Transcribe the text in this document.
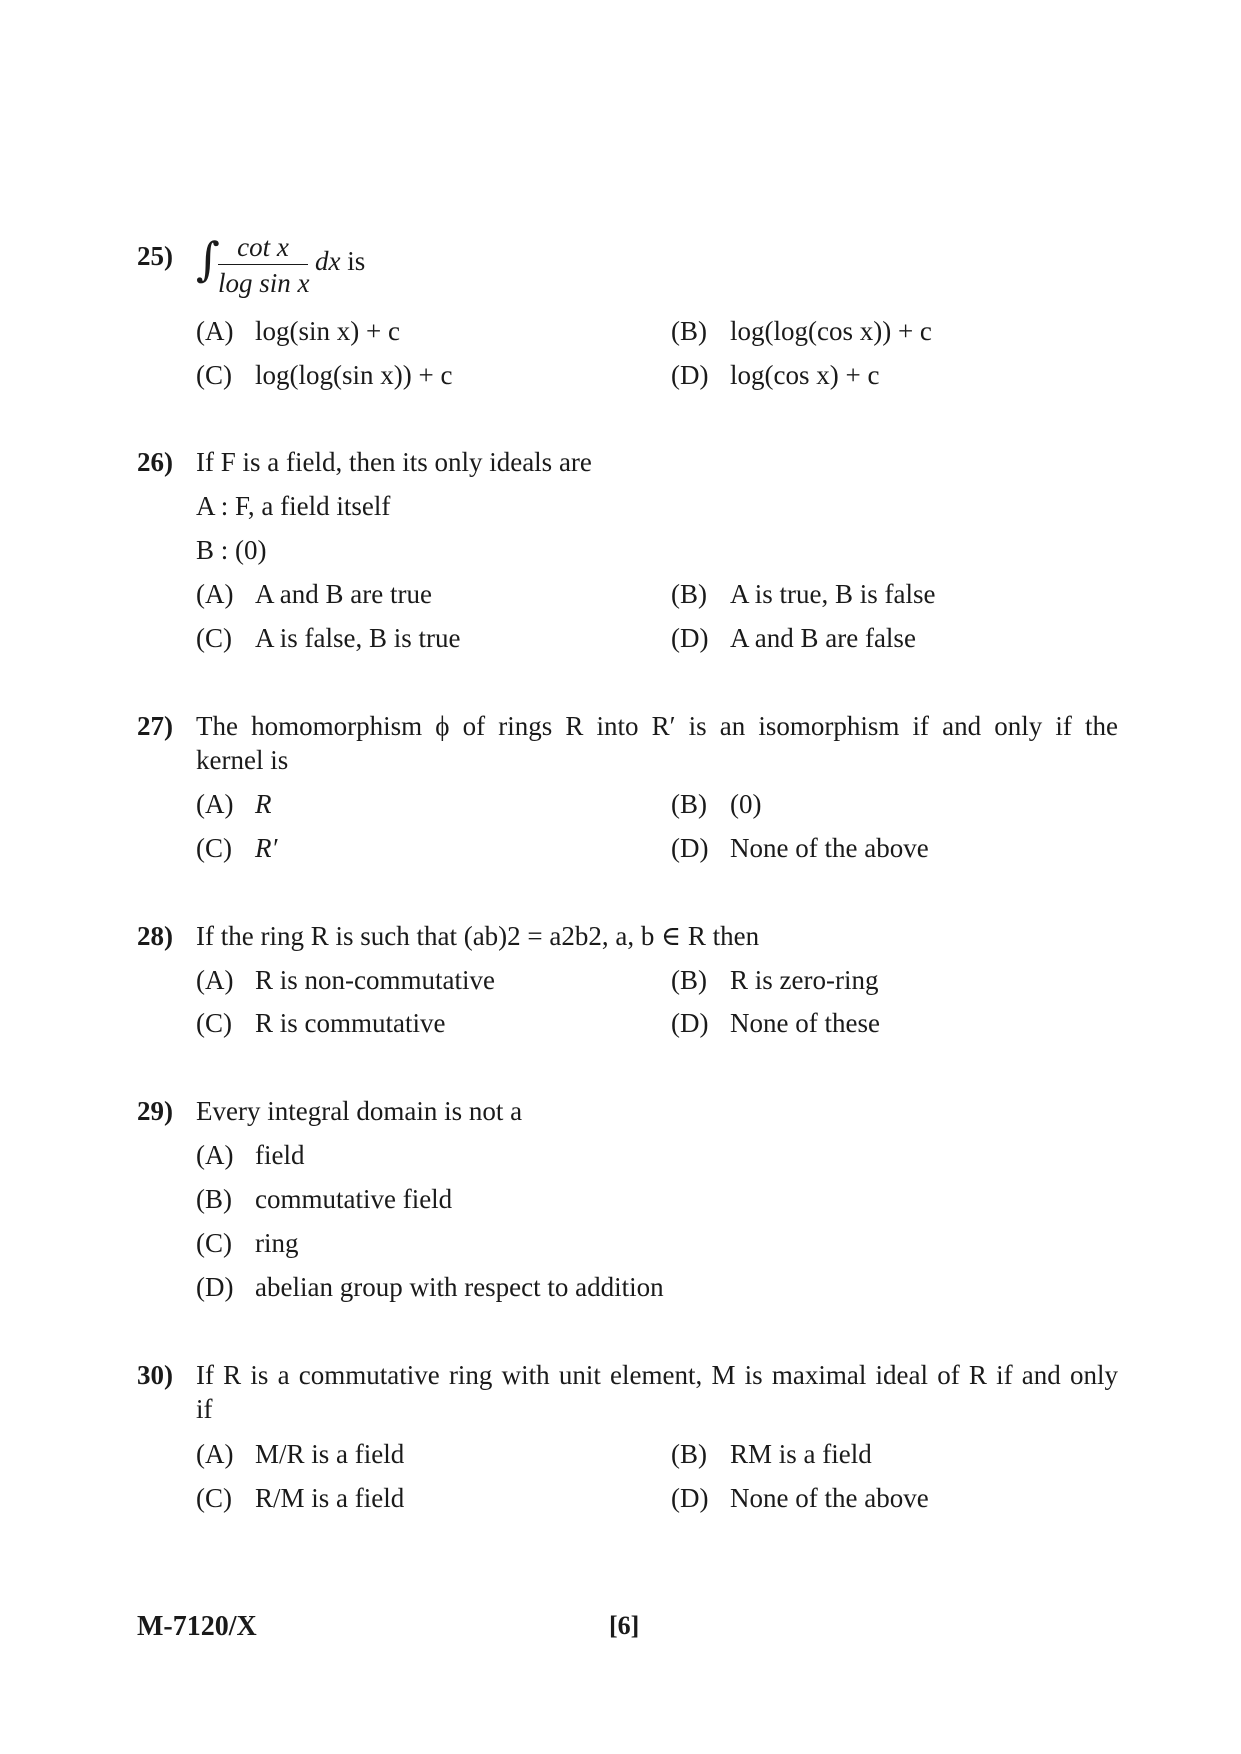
25) ∫ cot x
log sin x
dx is
(A) log(sin x) + c	(B) log(log(cos x)) + c
(C) log(log(sin x)) + c	(D) log(cos x) + c
26) If F is a field, then its only ideals are
A : F, a field itself
B : (0)
(A) A and B are true	(B) A is true, B is false
(C) A is false, B is true	(D) A and B are false
27) The homomorphism ϕ of rings R into R′ is an isomorphism if and only if the
kernel is
(A) R	(B) (0)
(C) R′	(D) None of the above
28) If the ring R is such that (ab)2 = a2b2, a, b ∈ R then
(A) R is non-commutative	(B) R is zero-ring
(C) R is commutative	(D) None of these
29) Every integral domain is not a
(A) field
(B) commutative field
(C) ring
(D) abelian group with respect to addition
30) If R is a commutative ring with unit element, M is maximal ideal of R if and only
if
(A) M/R is a field	(B) RM is a field
(C) R/M is a field	(D) None of the above
M-7120/X	[6]
